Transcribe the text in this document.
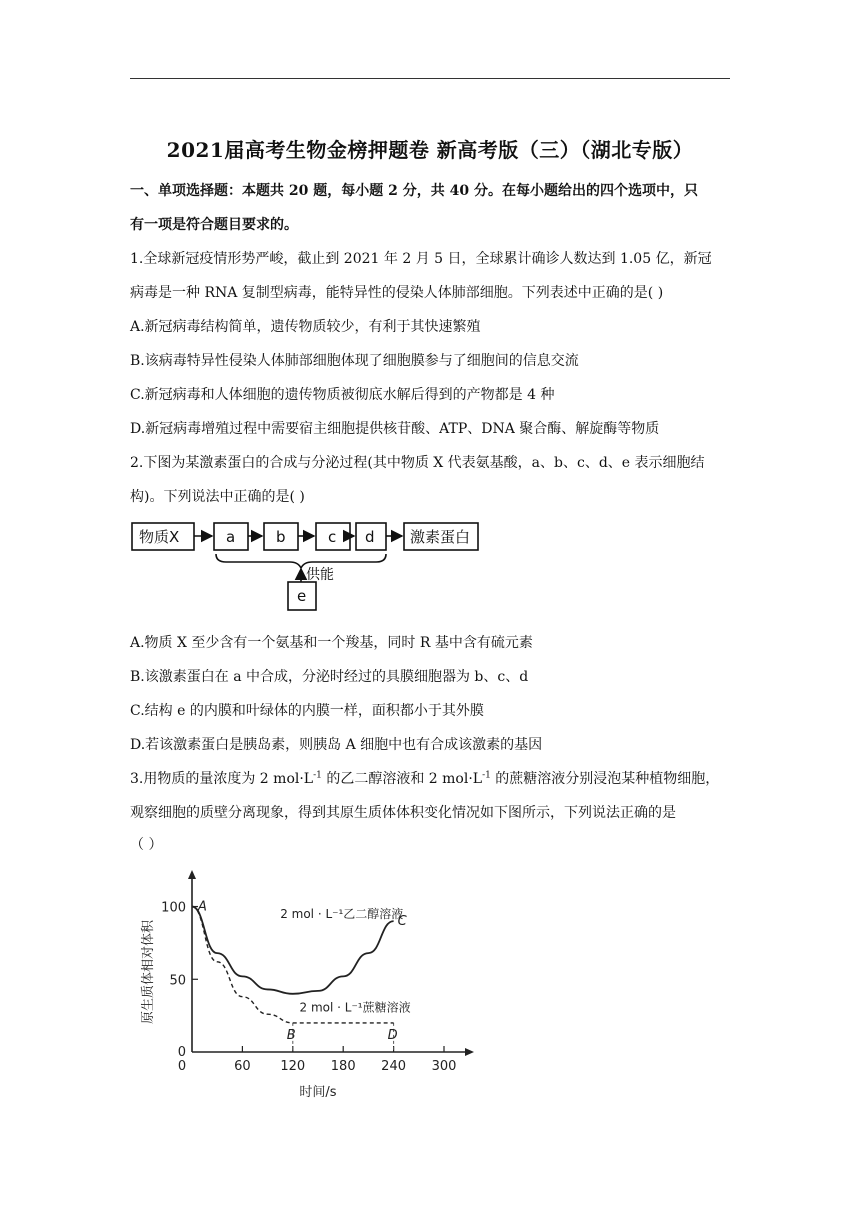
2021届高考生物金榜押题卷 新高考版（三）（湖北专版）
一、单项选择题：本题共 20 题，每小题 2 分，共 40 分。在每小题给出的四个选项中，只
有一项是符合题目要求的。
1.全球新冠疫情形势严峻，截止到 2021 年 2 月 5 日，全球累计确诊人数达到 1.05 亿，新冠
病毒是一种 RNA 复制型病毒，能特异性的侵染人体肺部细胞。下列表述中正确的是( )
A.新冠病毒结构简单，遗传物质较少，有利于其快速繁殖
B.该病毒特异性侵染人体肺部细胞体现了细胞膜参与了细胞间的信息交流
C.新冠病毒和人体细胞的遗传物质被彻底水解后得到的产物都是 4 种
D.新冠病毒增殖过程中需要宿主细胞提供核苷酸、ATP、DNA 聚合酶、解旋酶等物质
2.下图为某激素蛋白的合成与分泌过程(其中物质 X 代表氨基酸，a、b、c、d、e 表示细胞结
构)。下列说法中正确的是( )
物质X	a	b	c d 激素蛋白
供能
e
A.物质 X 至少含有一个氨基和一个羧基，同时 R 基中含有硫元素
B.该激素蛋白在 a 中合成，分泌时经过的具膜细胞器为 b、c、d
C.结构 e 的内膜和叶绿体的内膜一样，面积都小于其外膜
D.若该激素蛋白是胰岛素，则胰岛 A 细胞中也有合成该激素的基因
3.用物质的量浓度为 2 $mol\cdot L^{-1}$ 的乙二醇溶液和 2 $mol\cdot L^{-1}$ 的蔗糖溶液分别浸泡某种植物细胞，
观察细胞的质壁分离现象，得到其原生质体体积变化情况如下图所示，下列说法正确的是
（ ）
0	60 120 180 240 300
0
50
100
时间/s
原生质体相对体积
2 mol · L⁻¹乙二醇溶液
2 mol · L⁻¹蔗糖溶液
A
B
C
D
